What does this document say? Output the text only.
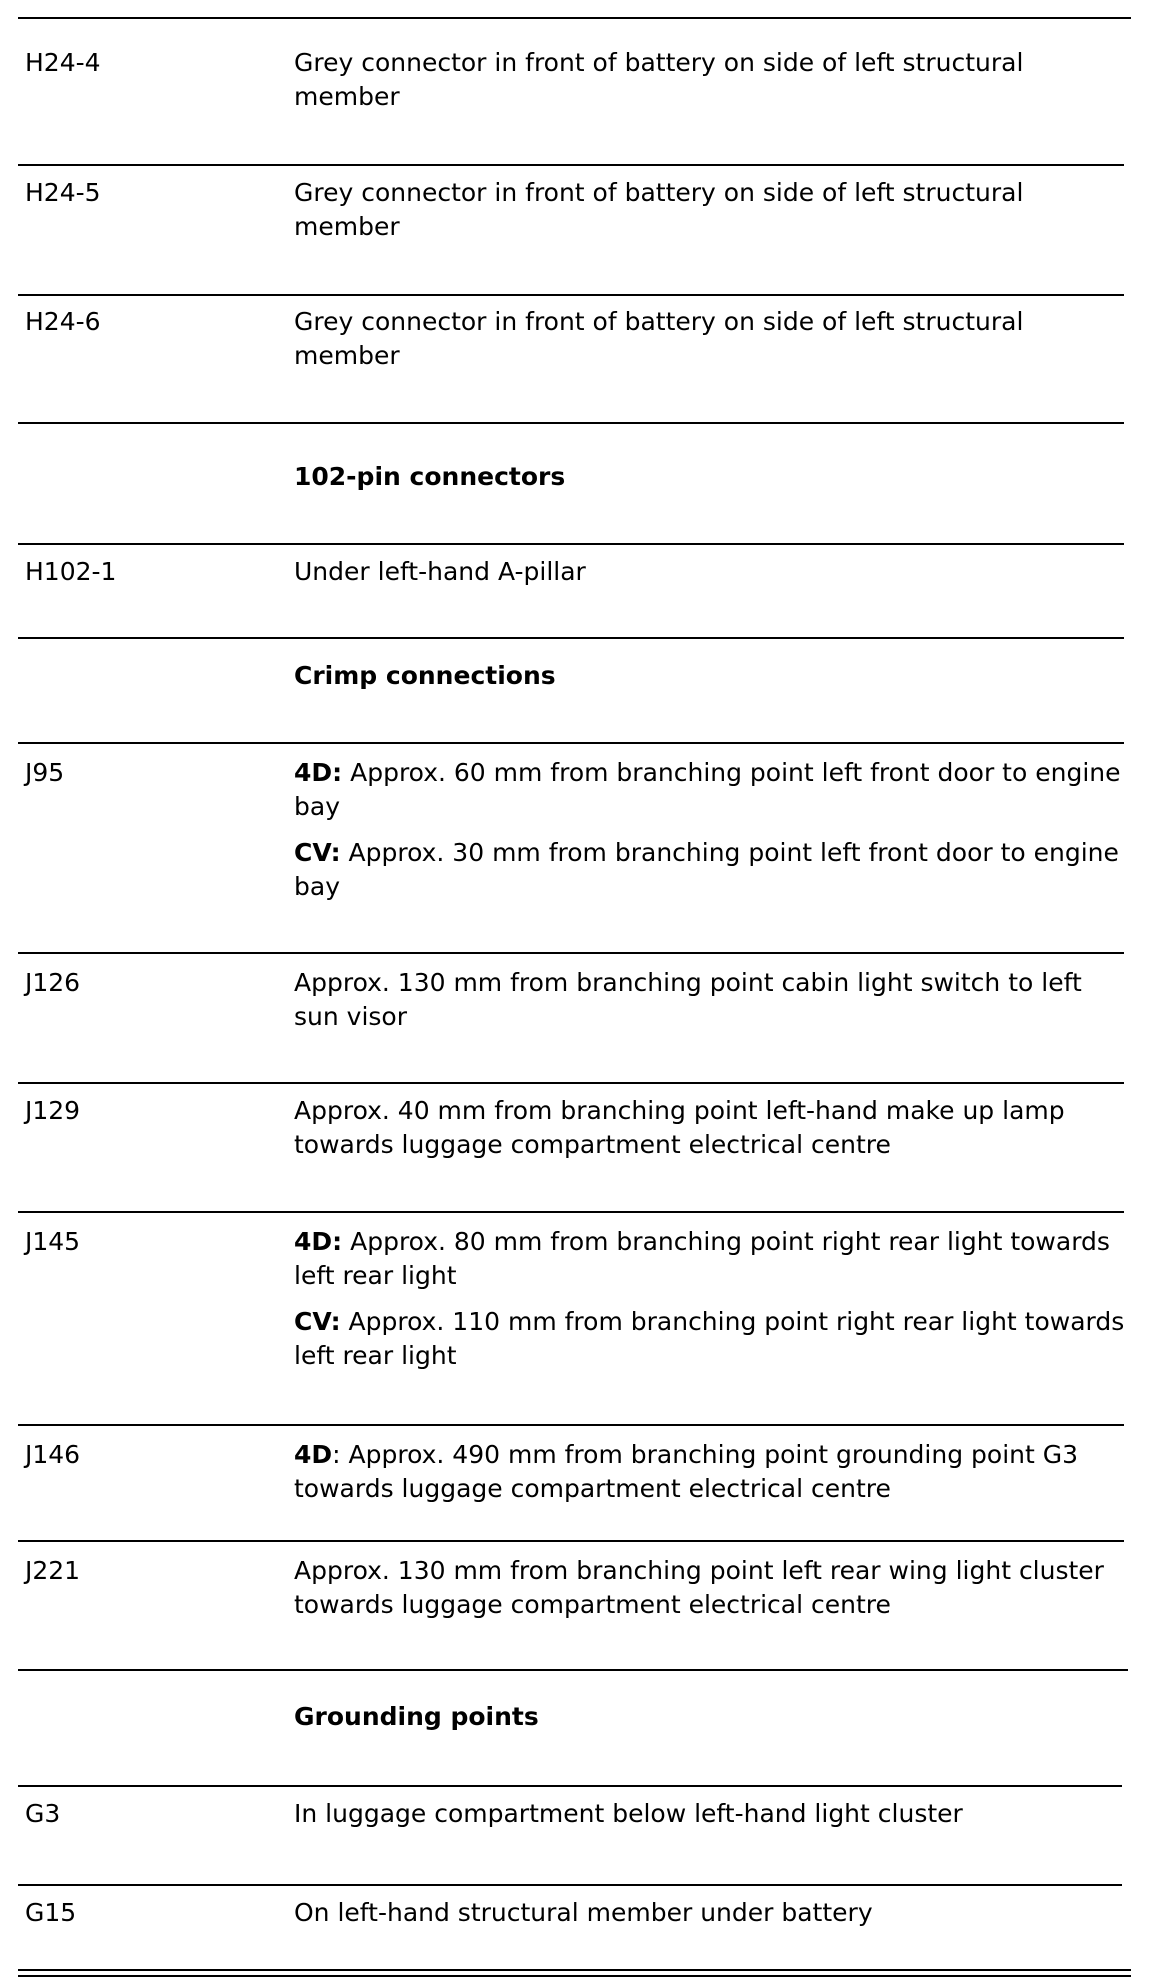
H24-4	Grey connector in front of battery on side of left structural member
H24-5	Grey connector in front of battery on side of left structural member
H24-6	Grey connector in front of battery on side of left structural member
102-pin connectors
H102-1	Under left-hand A-pillar
Crimp connections
J95	4D: Approx. 60 mm from branching point left front door to engine bay

CV: Approx. 30 mm from branching point left front door to engine bay

J126	Approx. 130 mm from branching point cabin light switch to left sun visor
J129	Approx. 40 mm from branching point left-hand make up lamp towards luggage compartment electrical centre
J145	4D: Approx. 80 mm from branching point right rear light towards left rear light

CV: Approx. 110 mm from branching point right rear light towards left rear light

J146	4D: Approx. 490 mm from branching point grounding point G3 towards luggage compartment electrical centre

J221	Approx. 130 mm from branching point left rear wing light cluster towards luggage compartment electrical centre
Grounding points
G3	In luggage compartment below left-hand light cluster
G15	On left-hand structural member under battery
